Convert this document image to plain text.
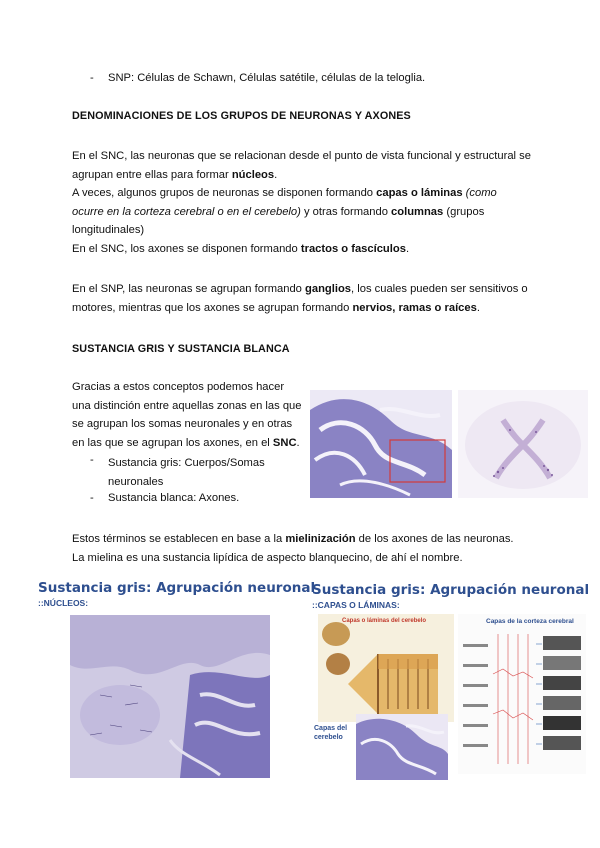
- SNP: Células de Schawn, Células satétile, células de la teloglia.
DENOMINACIONES DE LOS GRUPOS DE NEURONAS Y AXONES
En el SNC, las neuronas que se relacionan desde el punto de vista funcional y estructural se
agrupan entre ellas para formar núcleos.
A veces, algunos grupos de neuronas se disponen formando capas o láminas (como
ocurre en la corteza cerebral o en el cerebelo) y otras formando columnas (grupos
longitudinales)
En el SNC, los axones se disponen formando tractos o fascículos.
En el SNP, las neuronas se agrupan formando ganglios, los cuales pueden ser sensitivos o
motores, mientras que los axones se agrupan formando nervios, ramas o raíces.
SUSTANCIA GRIS Y SUSTANCIA BLANCA
Gracias a estos conceptos podemos hacer
una distinción entre aquellas zonas en las que
se agrupan los somas neuronales y en otras
en las que se agrupan los axones, en el SNC.
- Sustancia gris: Cuerpos/Somas
neuronales
- Sustancia blanca: Axones.
Estos términos se establecen en base a la mielinización de los axones de las neuronas.
La mielina es una sustancia lipídica de aspecto blanquecino, de ahí el nombre.
Sustancia gris: Agrupación neuronal
::NÚCLEOS:
Sustancia gris: Agrupación neuronal
::CAPAS O LÁMINAS:
Capas o láminas del cerebelo
Capas del cerebelo
Capas de la corteza cerebral
